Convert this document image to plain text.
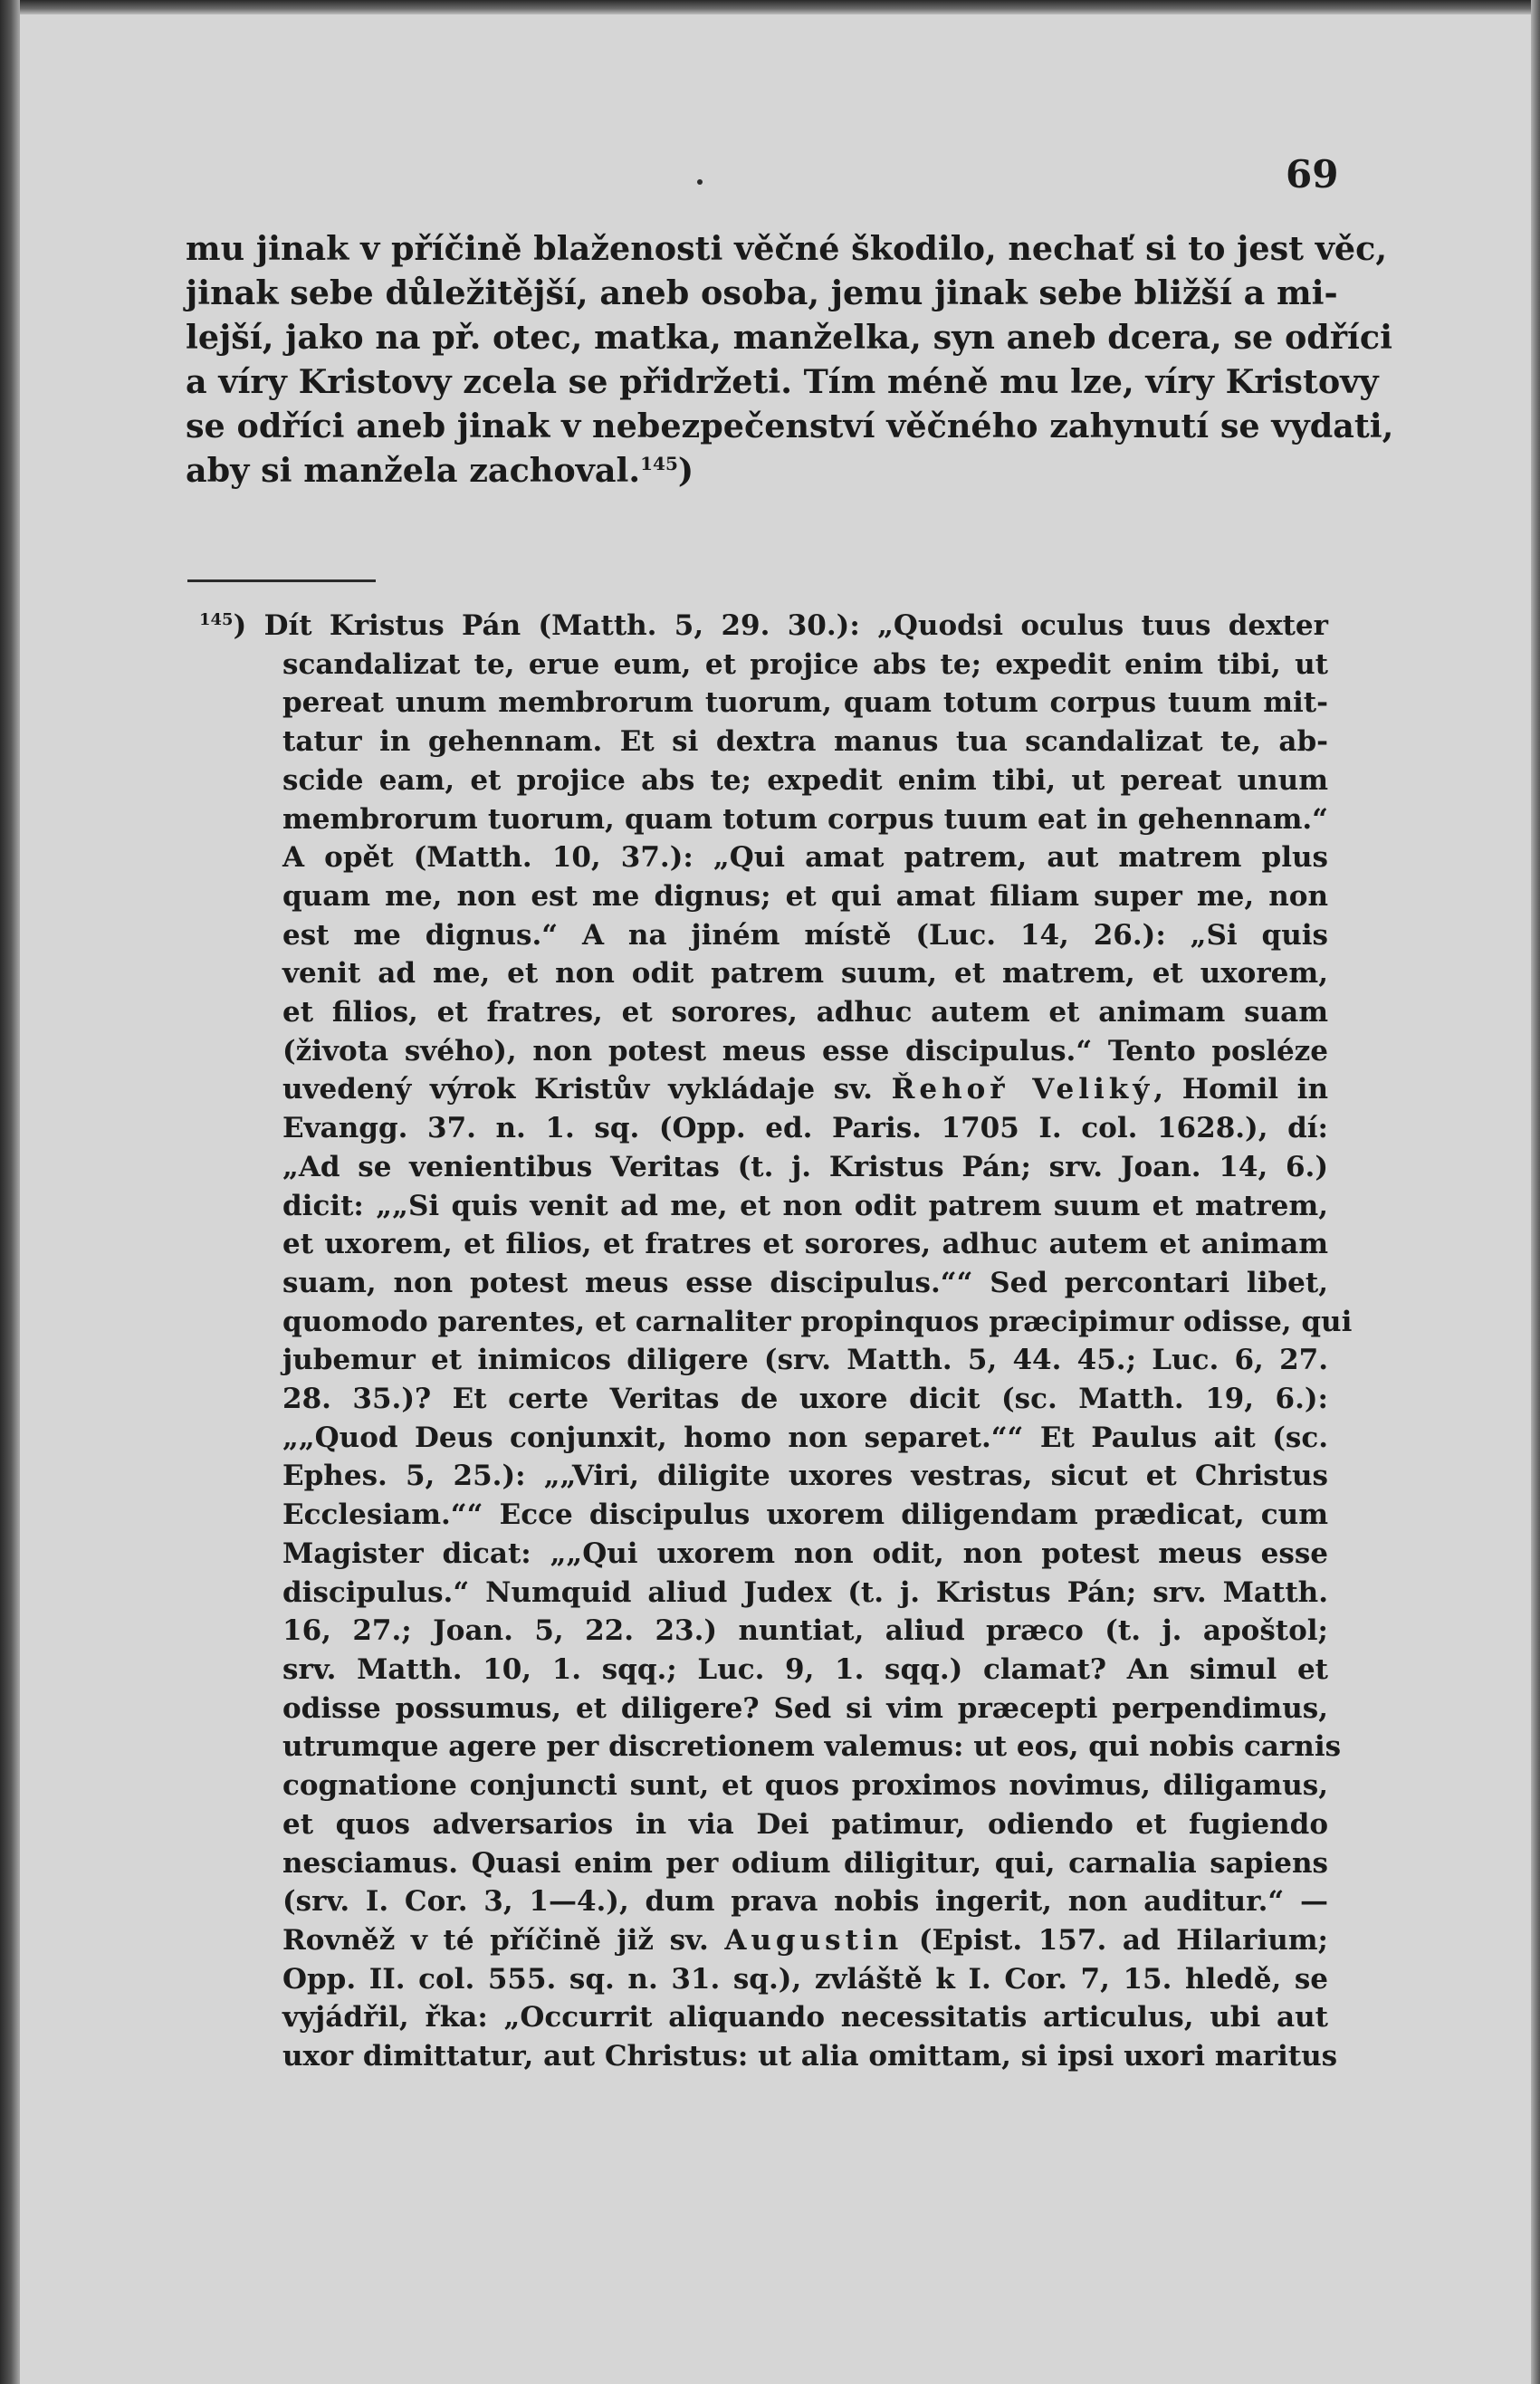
69
mu jinak v příčině blaženosti věčné škodilo, nechať si to jest věc,
jinak sebe důležitější, aneb osoba, jemu jinak sebe bližší a mi-
lejší, jako na př. otec, matka, manželka, syn aneb dcera, se odříci
a víry Kristovy zcela se přidržeti. Tím méně mu lze, víry Kristovy
se odříci aneb jinak v nebezpečenství věčného zahynutí se vydati,
aby si manžela zachoval.$^{145}$)
$^{145}$) Dít Kristus Pán (Matth. 5, 29. 30.): „Quodsi oculus tuus dexter
scandalizat te, erue eum, et projice abs te; expedit enim tibi, ut
pereat unum membrorum tuorum, quam totum corpus tuum mit-
tatur in gehennam. Et si dextra manus tua scandalizat te, ab-
scide eam, et projice abs te; expedit enim tibi, ut pereat unum
membrorum tuorum, quam totum corpus tuum eat in gehennam.“
A opět (Matth. 10, 37.): „Qui amat patrem, aut matrem plus
quam me, non est me dignus; et qui amat filiam super me, non
est me dignus.“ A na jiném místě (Luc. 14, 26.): „Si quis
venit ad me, et non odit patrem suum, et matrem, et uxorem,
et filios, et fratres, et sorores, adhuc autem et animam suam
(života svého), non potest meus esse discipulus.“ Tento posléze
uvedený výrok Kristův vykládaje sv. Řehoř Veliký, Homil in
Evangg. 37. n. 1. sq. (Opp. ed. Paris. 1705 I. col. 1628.), dí:
„Ad se venientibus Veritas (t. j. Kristus Pán; srv. Joan. 14, 6.)
dicit: „„Si quis venit ad me, et non odit patrem suum et matrem,
et uxorem, et filios, et fratres et sorores, adhuc autem et animam
suam, non potest meus esse discipulus.““ Sed percontari libet,
quomodo parentes, et carnaliter propinquos præcipimur odisse, qui
jubemur et inimicos diligere (srv. Matth. 5, 44. 45.; Luc. 6, 27.
28. 35.)? Et certe Veritas de uxore dicit (sc. Matth. 19, 6.):
„„Quod Deus conjunxit, homo non separet.““ Et Paulus ait (sc.
Ephes. 5, 25.): „„Viri, diligite uxores vestras, sicut et Christus
Ecclesiam.““ Ecce discipulus uxorem diligendam prædicat, cum
Magister dicat: „„Qui uxorem non odit, non potest meus esse
discipulus.“ Numquid aliud Judex (t. j. Kristus Pán; srv. Matth.
16, 27.; Joan. 5, 22. 23.) nuntiat, aliud præco (t. j. apoštol;
srv. Matth. 10, 1. sqq.; Luc. 9, 1. sqq.) clamat? An simul et
odisse possumus, et diligere? Sed si vim præcepti perpendimus,
utrumque agere per discretionem valemus: ut eos, qui nobis carnis
cognatione conjuncti sunt, et quos proximos novimus, diligamus,
et quos adversarios in via Dei patimur, odiendo et fugiendo
nesciamus. Quasi enim per odium diligitur, qui, carnalia sapiens
(srv. I. Cor. 3, 1—4.), dum prava nobis ingerit, non auditur.“ —
Rovněž v té příčině již sv. Augustin (Epist. 157. ad Hilarium;
Opp. II. col. 555. sq. n. 31. sq.), zvláště k I. Cor. 7, 15. hledě, se
vyjádřil, řka: „Occurrit aliquando necessitatis articulus, ubi aut
uxor dimittatur, aut Christus: ut alia omittam, si ipsi uxori maritus
